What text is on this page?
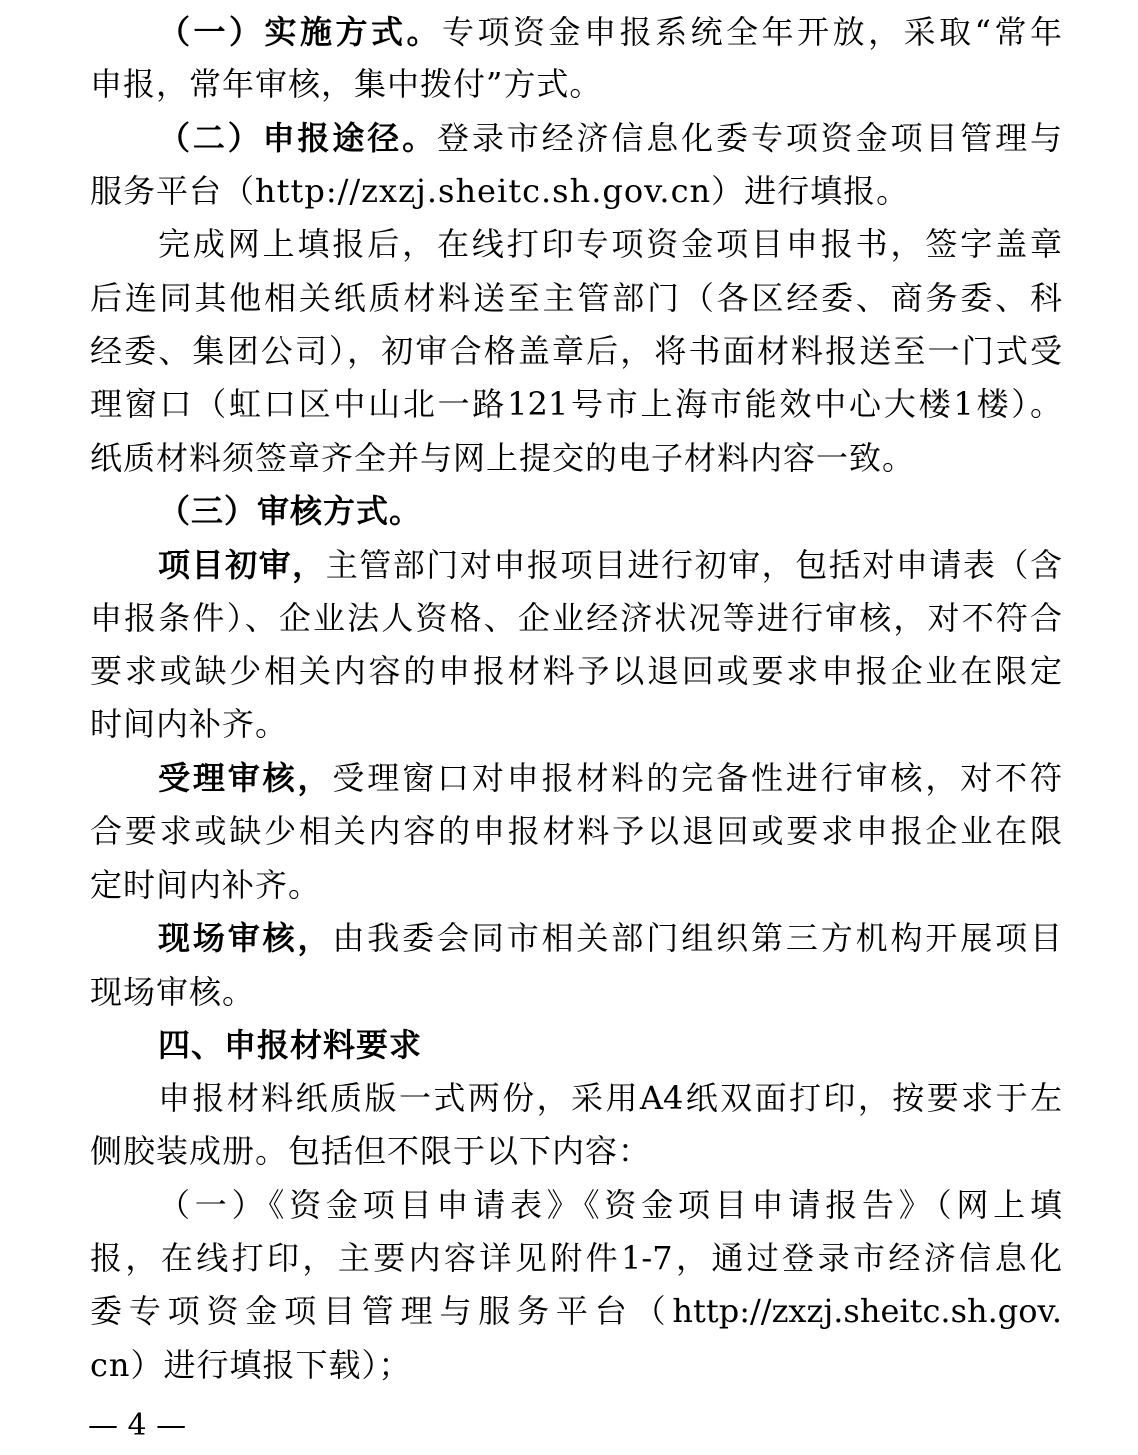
（一）实施方式。专项资金申报系统全年开放，采取“常年
申报，常年审核，集中拨付”方式。
（二）申报途径。登录市经济信息化委专项资金项目管理与
服务平台（http://zxzj.sheitc.sh.gov.cn）进行填报。
完成网上填报后，在线打印专项资金项目申报书，签字盖章
后连同其他相关纸质材料送至主管部门（各区经委、商务委、科
经委、集团公司），初审合格盖章后，将书面材料报送至一门式受
理窗口（虹口区中山北一路121号市上海市能效中心大楼1楼）。
纸质材料须签章齐全并与网上提交的电子材料内容一致。
（三）审核方式。
项目初审，主管部门对申报项目进行初审，包括对申请表（含
申报条件）、企业法人资格、企业经济状况等进行审核，对不符合
要求或缺少相关内容的申报材料予以退回或要求申报企业在限定
时间内补齐。
受理审核，受理窗口对申报材料的完备性进行审核，对不符
合要求或缺少相关内容的申报材料予以退回或要求申报企业在限
定时间内补齐。
现场审核，由我委会同市相关部门组织第三方机构开展项目
现场审核。
四、申报材料要求
申报材料纸质版一式两份，采用A4纸双面打印，按要求于左
侧胶装成册。包括但不限于以下内容：
（一）《资金项目申请表》《资金项目申请报告》（网上填
报，在线打印，主要内容详见附件1-7，通过登录市经济信息化
委专项资金项目管理与服务平台（http://zxzj.sheitc.sh.gov.
cn）进行填报下载）；
— 4 —
